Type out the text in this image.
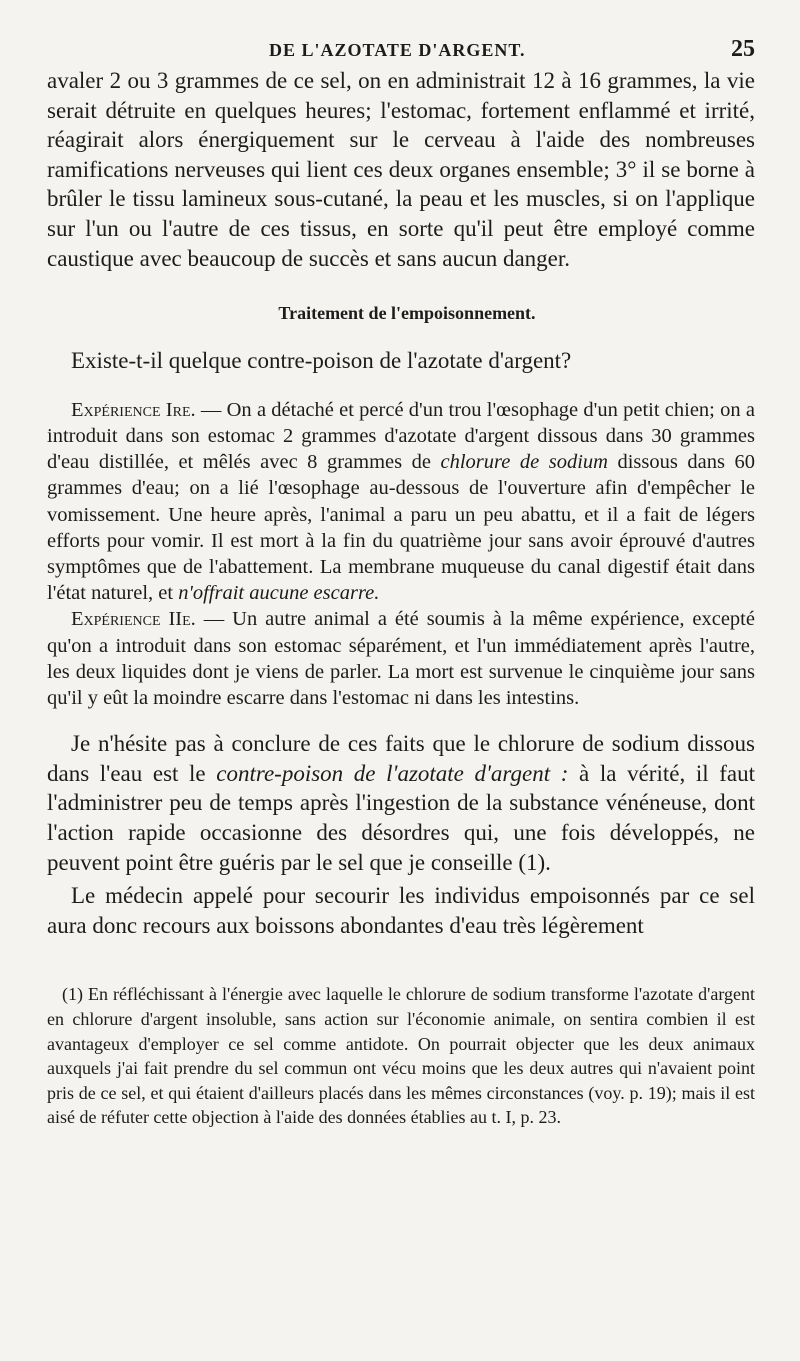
DE L'AZOTATE D'ARGENT.	25

avaler 2 ou 3 grammes de ce sel, on en administrait 12 à 16 grammes, la vie serait détruite en quelques heures; l'estomac, fortement enflammé et irrité, réagirait alors énergiquement sur le cerveau à l'aide des nombreuses ramifications nerveuses qui lient ces deux organes ensemble; 3° il se borne à brûler le tissu lamineux sous-cutané, la peau et les muscles, si on l'applique sur l'un ou l'autre de ces tissus, en sorte qu'il peut être employé comme caustique avec beaucoup de succès et sans aucun danger.

Traitement de l'empoisonnement.

Existe-t-il quelque contre-poison de l'azotate d'argent?

Expérience Ire. — On a détaché et percé d'un trou l'œsophage d'un petit chien; on a introduit dans son estomac 2 grammes d'azotate d'argent dissous dans 30 grammes d'eau distillée, et mêlés avec 8 grammes de chlorure de sodium dissous dans 60 grammes d'eau; on a lié l'œsophage au-dessous de l'ouverture afin d'empêcher le vomissement. Une heure après, l'animal a paru un peu abattu, et il a fait de légers efforts pour vomir. Il est mort à la fin du quatrième jour sans avoir éprouvé d'autres symptômes que de l'abattement. La membrane muqueuse du canal digestif était dans l'état naturel, et n'offrait aucune escarre.

Expérience IIe. — Un autre animal a été soumis à la même expérience, excepté qu'on a introduit dans son estomac séparément, et l'un immédiatement après l'autre, les deux liquides dont je viens de parler. La mort est survenue le cinquième jour sans qu'il y eût la moindre escarre dans l'estomac ni dans les intestins.

Je n'hésite pas à conclure de ces faits que le chlorure de sodium dissous dans l'eau est le contre-poison de l'azotate d'argent : à la vérité, il faut l'administrer peu de temps après l'ingestion de la substance vénéneuse, dont l'action rapide occasionne des désordres qui, une fois développés, ne peuvent point être guéris par le sel que je conseille (1).

Le médecin appelé pour secourir les individus empoisonnés par ce sel aura donc recours aux boissons abondantes d'eau très légèrement

(1) En réfléchissant à l'énergie avec laquelle le chlorure de sodium transforme l'azotate d'argent en chlorure d'argent insoluble, sans action sur l'économie animale, on sentira combien il est avantageux d'employer ce sel comme antidote. On pourrait objecter que les deux animaux auxquels j'ai fait prendre du sel commun ont vécu moins que les deux autres qui n'avaient point pris de ce sel, et qui étaient d'ailleurs placés dans les mêmes circonstances (voy. p. 19); mais il est aisé de réfuter cette objection à l'aide des données établies au t. I, p. 23.
